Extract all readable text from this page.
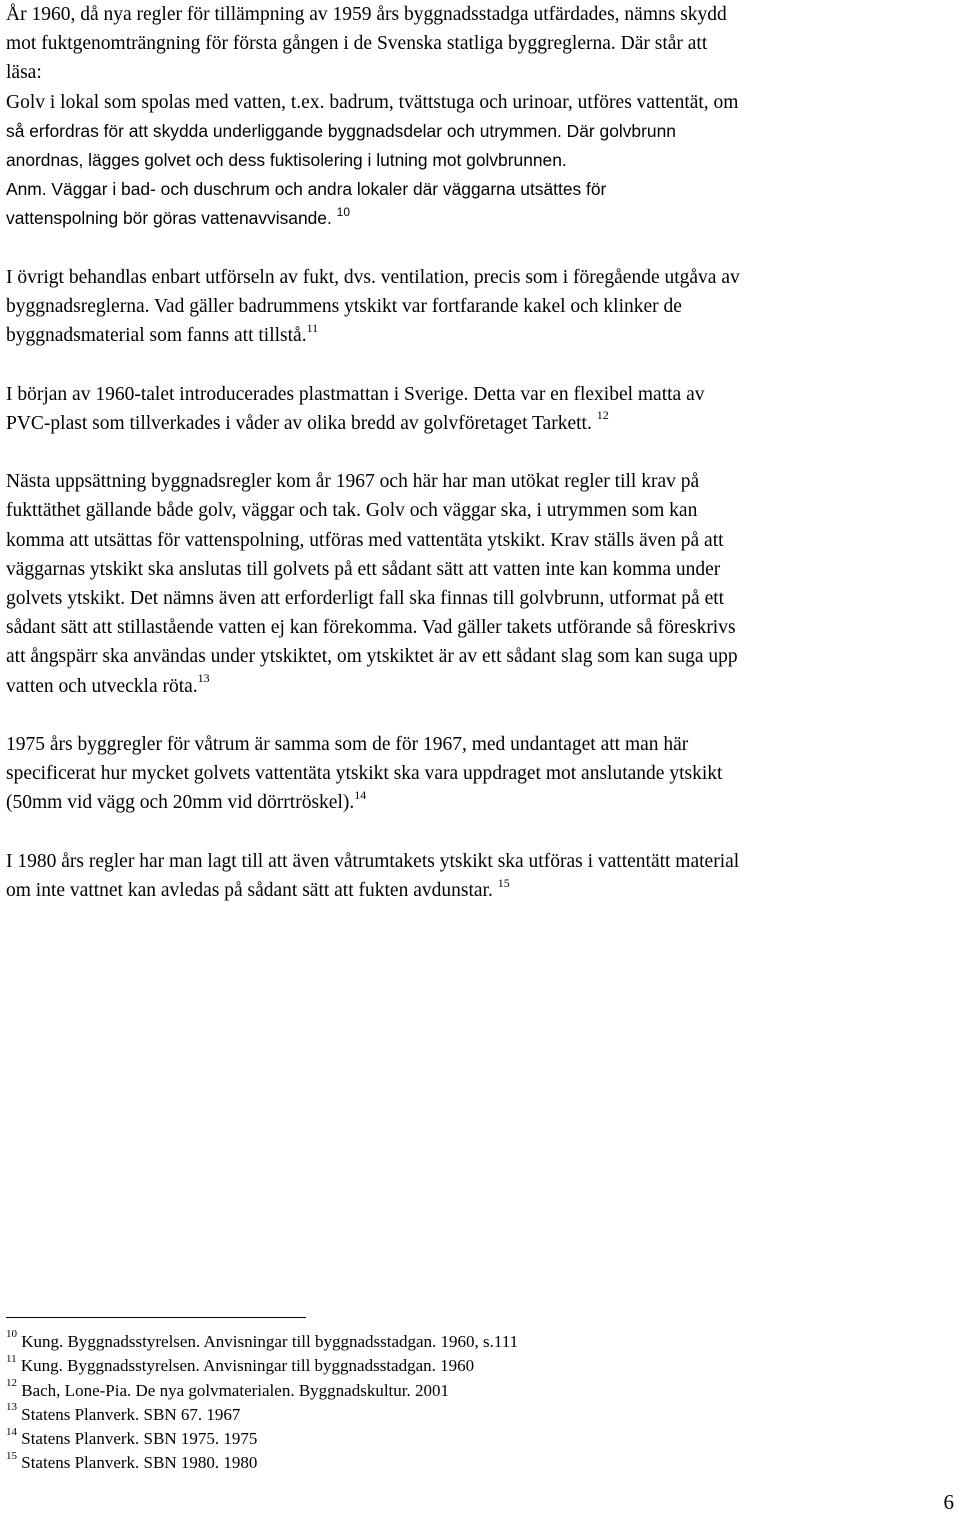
År 1960, då nya regler för tillämpning av 1959 års byggnadsstadga utfärdades, nämns skydd
mot fuktgenomträngning för första gången i de Svenska statliga byggreglerna. Där står att
läsa:
Golv i lokal som spolas med vatten, t.ex. badrum, tvättstuga och urinoar, utföres vattentät, om
så erfordras för att skydda underliggande byggnadsdelar och utrymmen. Där golvbrunn
anordnas, lägges golvet och dess fuktisolering i lutning mot golvbrunnen.
Anm. Väggar i bad- och duschrum och andra lokaler där väggarna utsättes för
vattenspolning bör göras vattenavvisande. $^{10}$
I övrigt behandlas enbart utförseln av fukt, dvs. ventilation, precis som i föregående utgåva av
byggnadsreglerna. Vad gäller badrummens ytskikt var fortfarande kakel och klinker de
byggnadsmaterial som fanns att tillstå.$^{11}$
I början av 1960-talet introducerades plastmattan i Sverige. Detta var en flexibel matta av
PVC-plast som tillverkades i våder av olika bredd av golvföretaget Tarkett. $^{12}$
Nästa uppsättning byggnadsregler kom år 1967 och här har man utökat regler till krav på
fukttäthet gällande både golv, väggar och tak. Golv och väggar ska, i utrymmen som kan
komma att utsättas för vattenspolning, utföras med vattentäta ytskikt. Krav ställs även på att
väggarnas ytskikt ska anslutas till golvets på ett sådant sätt att vatten inte kan komma under
golvets ytskikt. Det nämns även att erforderligt fall ska finnas till golvbrunn, utformat på ett
sådant sätt att stillastående vatten ej kan förekomma. Vad gäller takets utförande så föreskrivs
att ångspärr ska användas under ytskiktet, om ytskiktet är av ett sådant slag som kan suga upp
vatten och utveckla röta.$^{13}$
1975 års byggregler för våtrum är samma som de för 1967, med undantaget att man här
specificerat hur mycket golvets vattentäta ytskikt ska vara uppdraget mot anslutande ytskikt
(50mm vid vägg och 20mm vid dörrtröskel).$^{14}$
I 1980 års regler har man lagt till att även våtrumtakets ytskikt ska utföras i vattentätt material
om inte vattnet kan avledas på sådant sätt att fukten avdunstar. $^{15}$
$^{10}$ Kung. Byggnadsstyrelsen. Anvisningar till byggnadsstadgan. 1960, s.111
$^{11}$ Kung. Byggnadsstyrelsen. Anvisningar till byggnadsstadgan. 1960
$^{12}$ Bach, Lone-Pia. De nya golvmaterialen. Byggnadskultur. 2001
$^{13}$ Statens Planverk. SBN 67. 1967
$^{14}$ Statens Planverk. SBN 1975. 1975
$^{15}$ Statens Planverk. SBN 1980. 1980
6
